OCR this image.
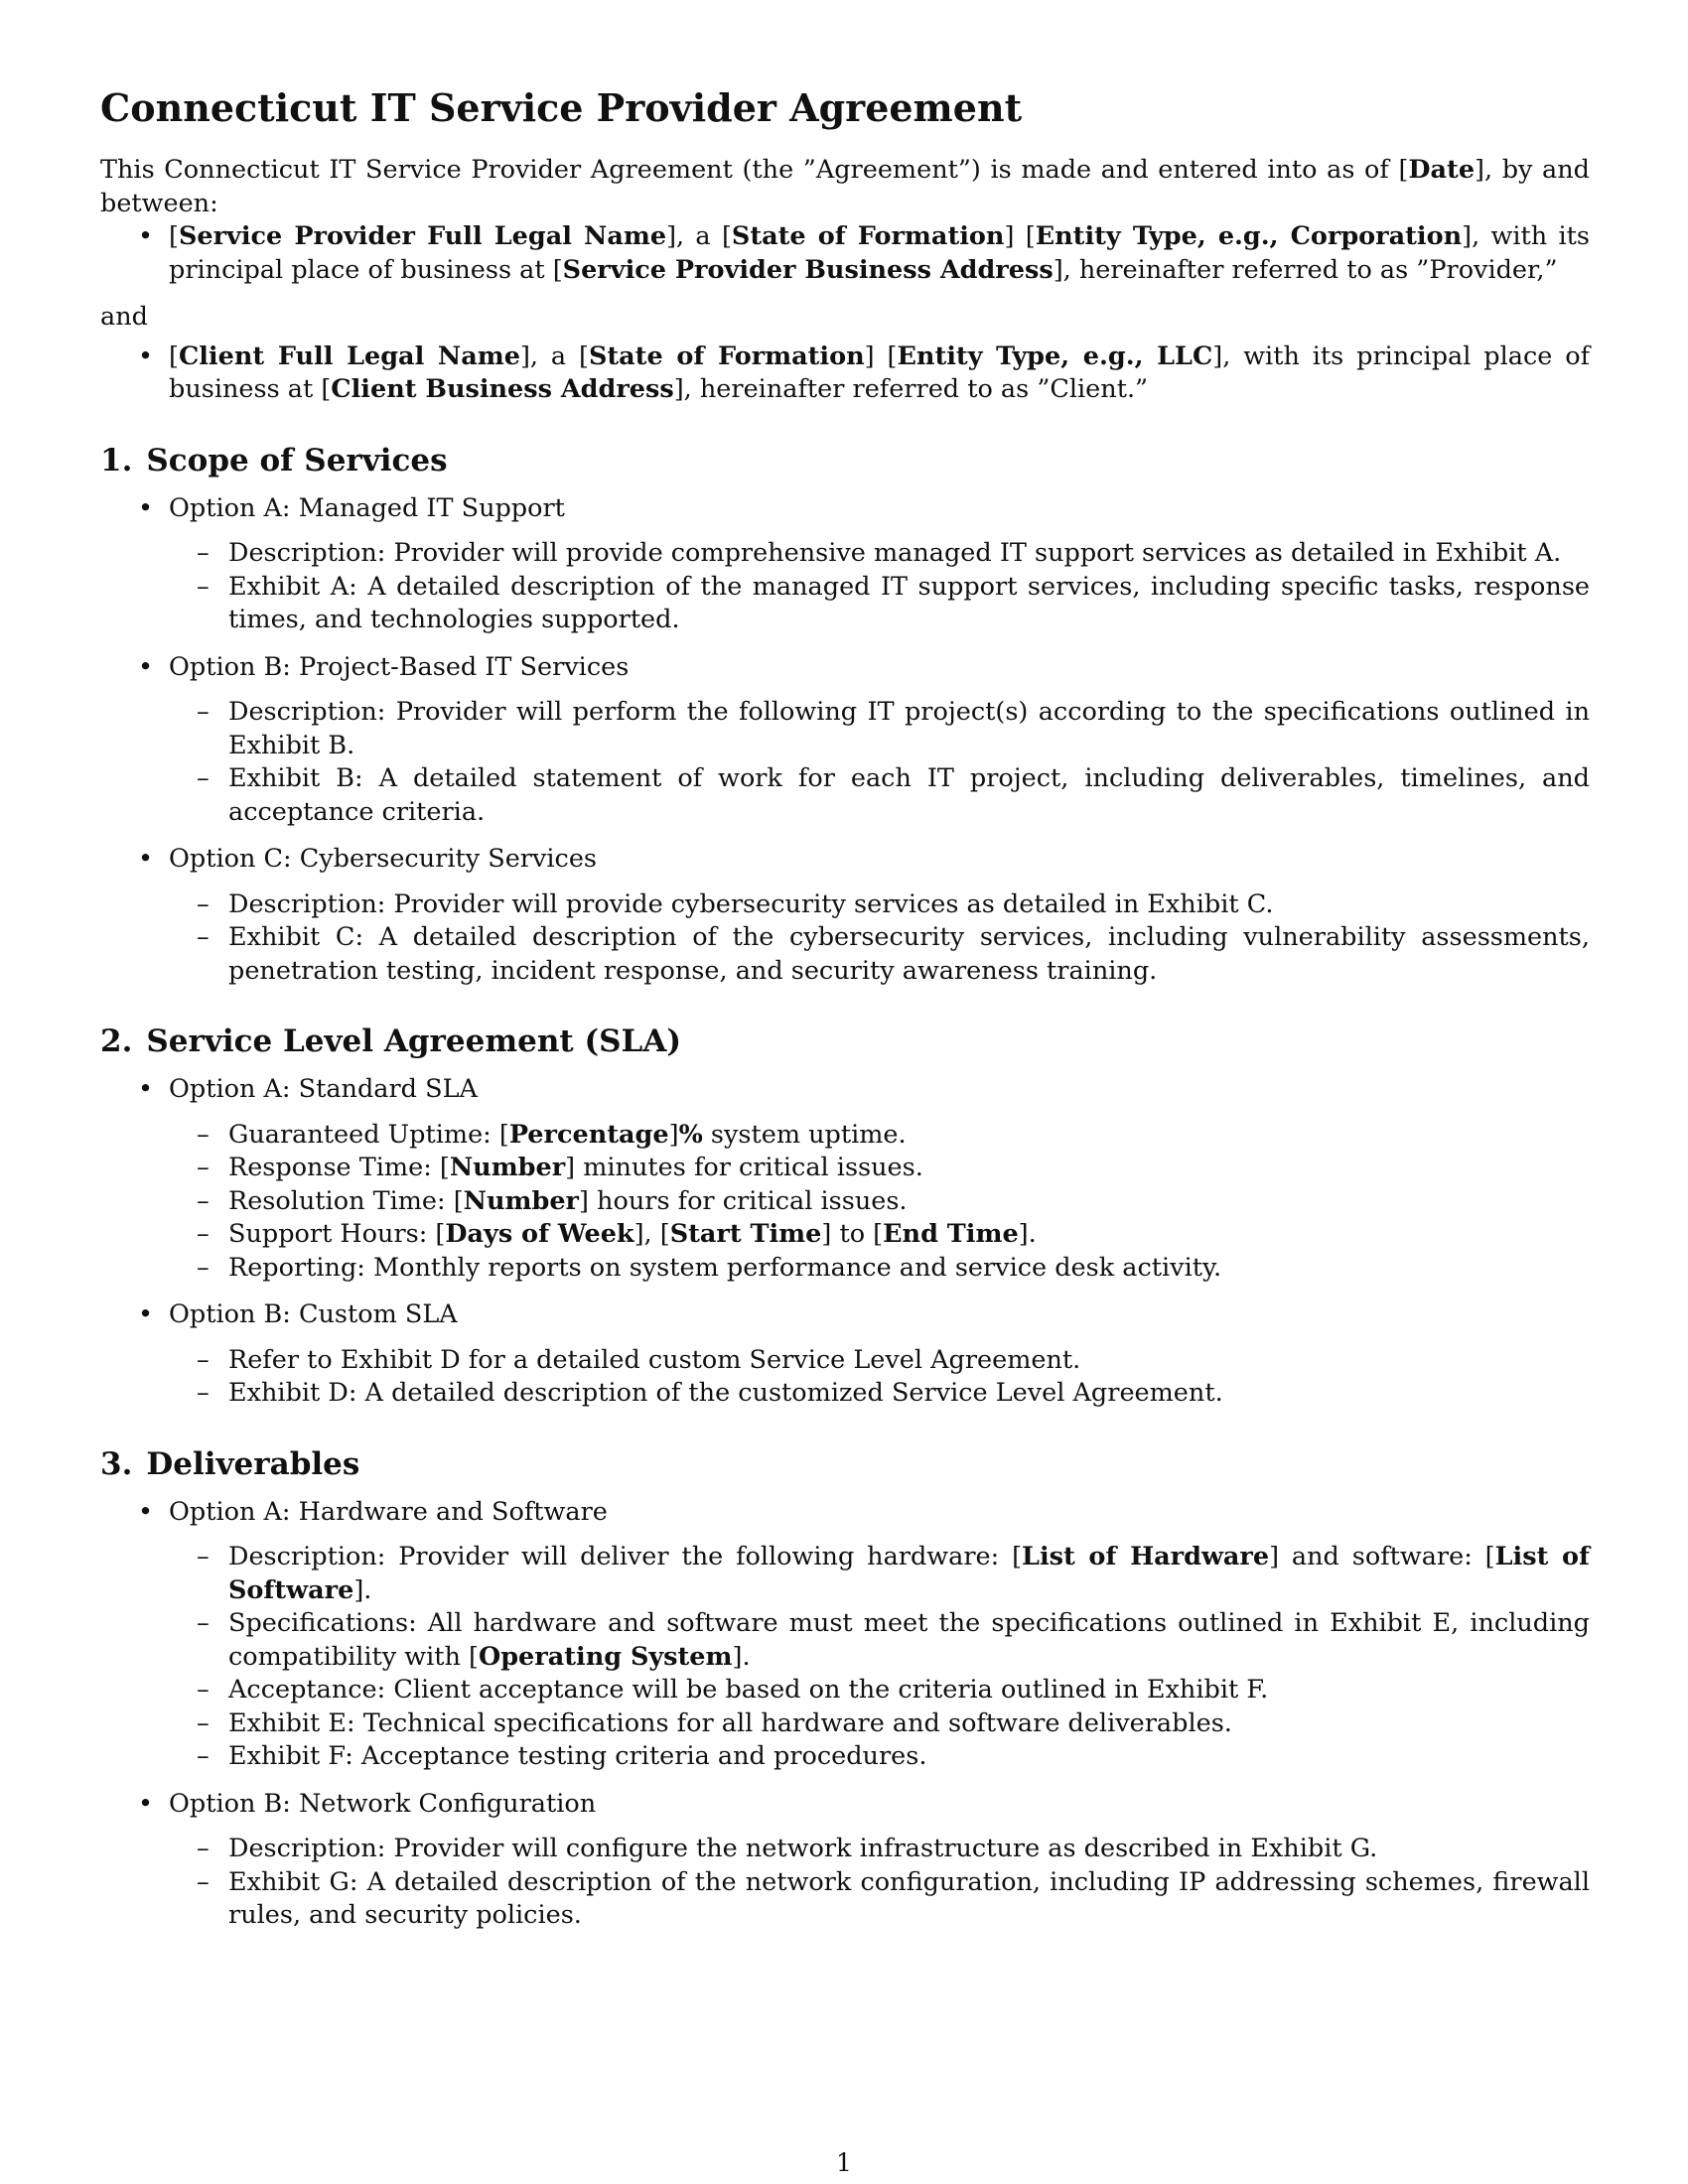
Connecticut IT Service Provider Agreement

This Connecticut IT Service Provider Agreement (the ”Agreement”) is made and entered into as of [Date], by and between:

• [Service Provider Full Legal Name], a [State of Formation] [Entity Type, e.g., Corporation], with its principal place of business at [Service Provider Business Address], hereinafter referred to as ”Provider,”

and

• [Client Full Legal Name], a [State of Formation] [Entity Type, e.g., LLC], with its principal place of business at [Client Business Address], hereinafter referred to as ”Client.”
1. Scope of Services
• Option A: Managed IT Support
– Description: Provider will provide comprehensive managed IT support services as detailed in Exhibit A.
– Exhibit A: A detailed description of the managed IT support services, including specific tasks, response times, and technologies supported.
• Option B: Project-Based IT Services
– Description: Provider will perform the following IT project(s) according to the specifications outlined in Exhibit B.
– Exhibit B: A detailed statement of work for each IT project, including deliverables, timelines, and acceptance criteria.
• Option C: Cybersecurity Services
– Description: Provider will provide cybersecurity services as detailed in Exhibit C.
– Exhibit C: A detailed description of the cybersecurity services, including vulnerability assessments, penetration testing, incident response, and security awareness training.
2. Service Level Agreement (SLA)
• Option A: Standard SLA
– Guaranteed Uptime: [Percentage]% system uptime.
– Response Time: [Number] minutes for critical issues.
– Resolution Time: [Number] hours for critical issues.
– Support Hours: [Days of Week], [Start Time] to [End Time].
– Reporting: Monthly reports on system performance and service desk activity.
• Option B: Custom SLA
– Refer to Exhibit D for a detailed custom Service Level Agreement.
– Exhibit D: A detailed description of the customized Service Level Agreement.
3. Deliverables
• Option A: Hardware and Software
– Description: Provider will deliver the following hardware: [List of Hardware] and software: [List of Software].
– Specifications: All hardware and software must meet the specifications outlined in Exhibit E, including compatibility with [Operating System].
– Acceptance: Client acceptance will be based on the criteria outlined in Exhibit F.
– Exhibit E: Technical specifications for all hardware and software deliverables.
– Exhibit F: Acceptance testing criteria and procedures.
• Option B: Network Configuration
– Description: Provider will configure the network infrastructure as described in Exhibit G.
– Exhibit G: A detailed description of the network configuration, including IP addressing schemes, firewall rules, and security policies.
1
